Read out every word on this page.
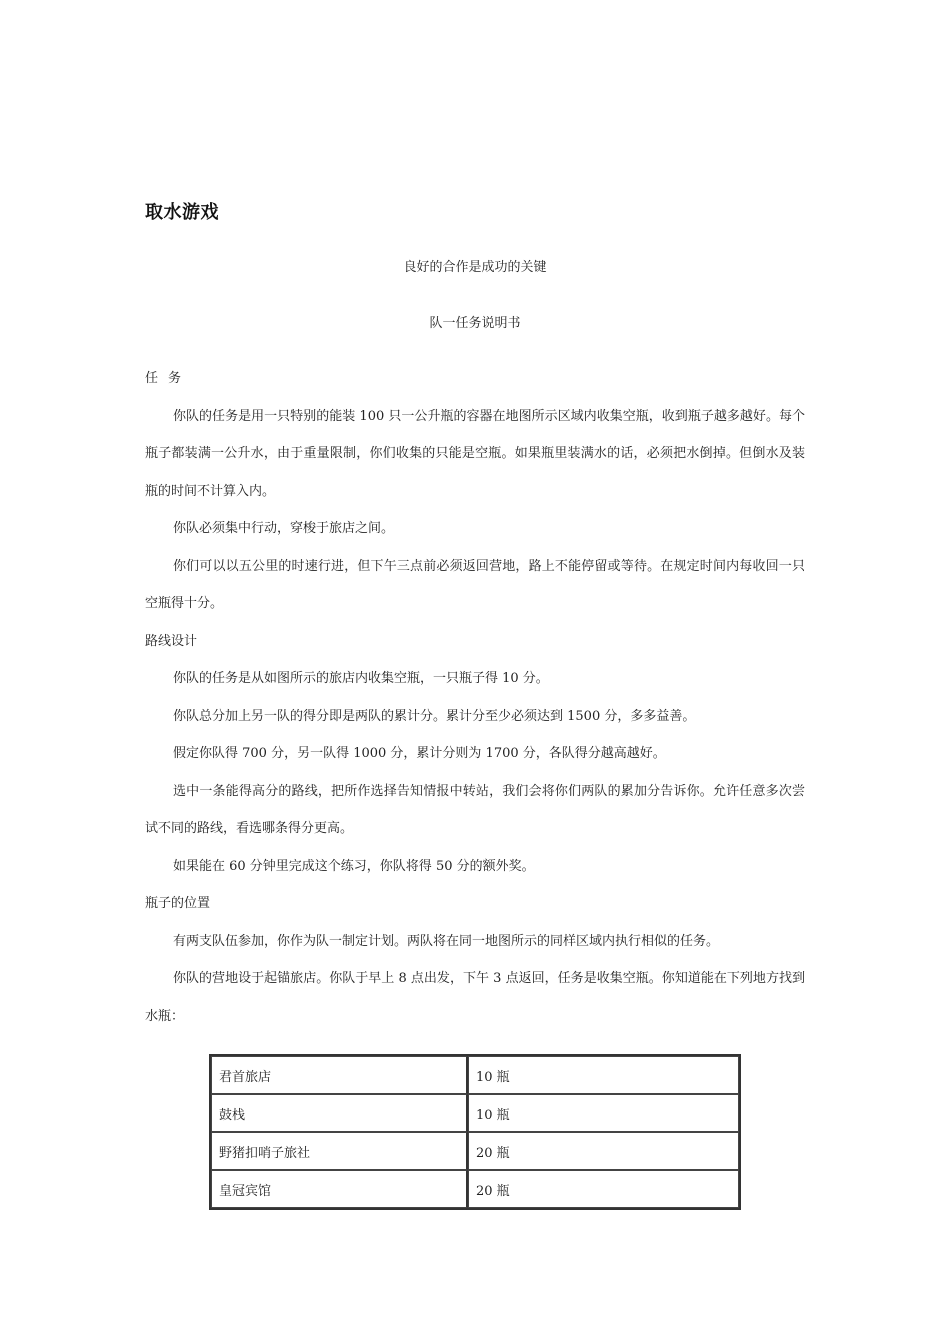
取水游戏
良好的合作是成功的关键
队一任务说明书
任务

你队的任务是用一只特别的能装 100 只一公升瓶的容器在地图所示区域内收集空瓶，收到瓶子越多越好。每个瓶子都装满一公升水，由于重量限制，你们收集的只能是空瓶。如果瓶里装满水的话，必须把水倒掉。但倒水及装瓶的时间不计算入内。

你队必须集中行动，穿梭于旅店之间。

你们可以以五公里的时速行进，但下午三点前必须返回营地，路上不能停留或等待。在规定时间内每收回一只空瓶得十分。

路线设计

你队的任务是从如图所示的旅店内收集空瓶，一只瓶子得 10 分。

你队总分加上另一队的得分即是两队的累计分。累计分至少必须达到 1500 分，多多益善。

假定你队得 700 分，另一队得 1000 分，累计分则为 1700 分，各队得分越高越好。

选中一条能得高分的路线，把所作选择告知情报中转站，我们会将你们两队的累加分告诉你。允许任意多次尝试不同的路线，看选哪条得分更高。

如果能在 60 分钟里完成这个练习，你队将得 50 分的额外奖。

瓶子的位置

有两支队伍参加，你作为队一制定计划。两队将在同一地图所示的同样区域内执行相似的任务。

你队的营地设于起锚旅店。你队于早上 8 点出发，下午 3 点返回，任务是收集空瓶。你知道能在下列地方找到水瓶：

君首旅店	10 瓶
鼓栈	10 瓶
野猪扣哨子旅社	20 瓶
皇冠宾馆	20 瓶
